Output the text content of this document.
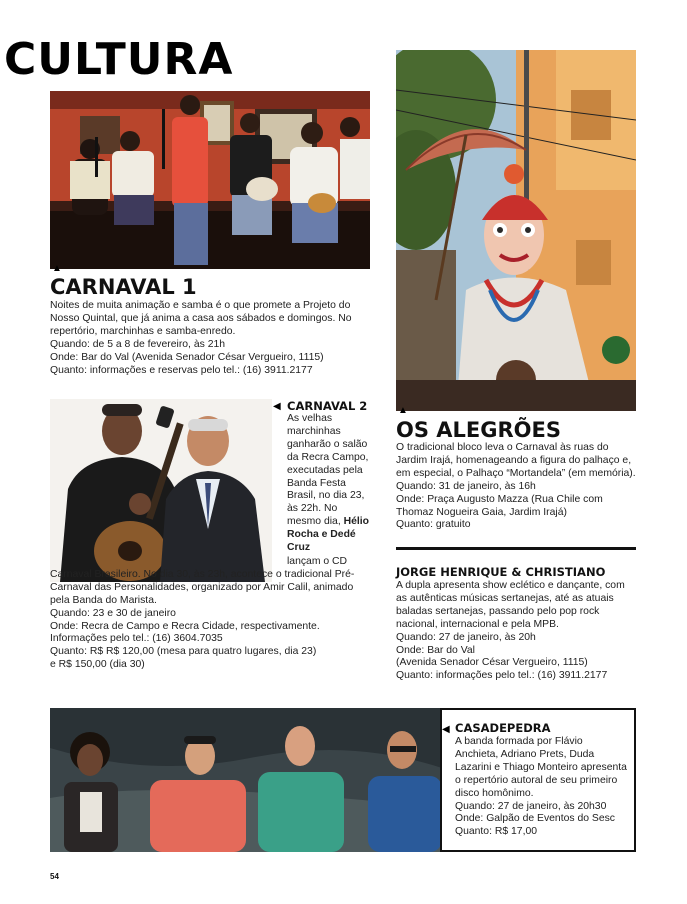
CULTURA
▲
CARNAVAL 1

Noites de muita animação e samba é o que promete a Projeto do Nosso Quintal, que já anima a casa aos sábados e domingos. No repertório, marchinhas e samba-enredo.

Quando: de 5 a 8 de fevereiro, às 21h

Onde: Bar do Val (Avenida Senador César Vergueiro, 1115)

Quanto: informações e reservas pelo tel.: (16) 3911.2177

◀ CARNAVAL 2

As velhas marchinhas ganharão o salão da Recra Campo, executadas pela Banda Festa Brasil, no dia 23, às 22h. No mesmo dia, Hélio Rocha e Dedé Cruz

lançam o CD Carnaval Brasileiro. No dia 30, às 23h, acontece o tradicional Pré-Carnaval das Personalidades, organizado por Amir Calil, animado pela Banda do Marista.

Quando: 23 e 30 de janeiro

Onde: Recra de Campo e Recra Cidade, respectivamente.

Informações pelo tel.: (16) 3604.7035

Quanto: R$ R$ 120,00 (mesa para quatro lugares, dia 23)

e R$ 150,00 (dia 30)

▲
OS ALEGRÕES

O tradicional bloco leva o Carnaval às ruas do Jardim Irajá, homenageando a figura do palhaço e, em especial, o Palhaço “Mortandela” (em memória).

Quando: 31 de janeiro, às 16h

Onde: Praça Augusto Mazza (Rua Chile com Thomaz Nogueira Gaia, Jardim Irajá)

Quanto: gratuito

JORGE HENRIQUE & CHRISTIANO

A dupla apresenta show eclético e dançante, com as autênticas músicas sertanejas, até as atuais baladas sertanejas, passando pelo pop rock nacional, internacional e pela MPB.

Quando: 27 de janeiro, às 20h

Onde: Bar do Val

(Avenida Senador César Vergueiro, 1115)

Quanto: informações pelo tel.: (16) 3911.2177

◀ CASADEPEDRA

A banda formada por Flávio Anchieta, Adriano Prets, Duda Lazarini e Thiago Monteiro apresenta o repertório autoral de seu primeiro disco homônimo.

Quando: 27 de janeiro, às 20h30

Onde: Galpão de Eventos do Sesc

Quanto: R$ 17,00

54
